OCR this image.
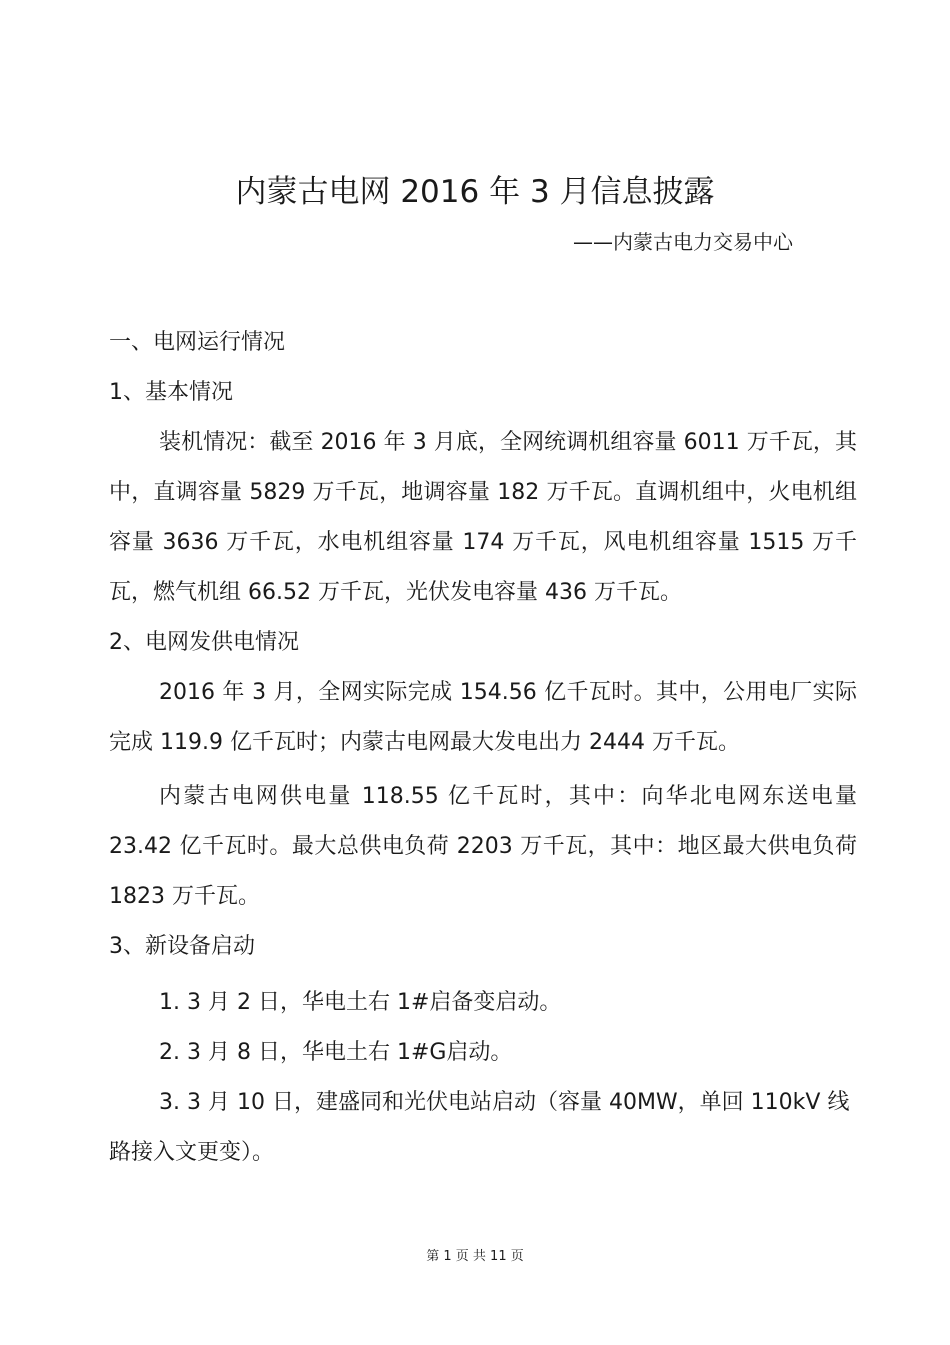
内蒙古电网 2016 年 3 月信息披露
——内蒙古电力交易中心

一、电网运行情况

1、基本情况

装机情况：截至 2016 年 3 月底，全网统调机组容量 6011 万千瓦，其中，直调容量 5829 万千瓦，地调容量 182 万千瓦。直调机组中，火电机组容量 3636 万千瓦，水电机组容量 174 万千瓦，风电机组容量 1515 万千瓦，燃气机组 66.52 万千瓦，光伏发电容量 436 万千瓦。

2、电网发供电情况

2016 年 3 月，全网实际完成 154.56 亿千瓦时。其中，公用电厂实际完成 119.9 亿千瓦时；内蒙古电网最大发电出力 2444 万千瓦。

内蒙古电网供电量 118.55 亿千瓦时，其中：向华北电网东送电量 23.42 亿千瓦时。最大总供电负荷 2203 万千瓦，其中：地区最大供电负荷 1823 万千瓦。

3、新设备启动

1. 3 月 2 日，华电土右 1#启备变启动。

2. 3 月 8 日，华电土右 1#G启动。

3. 3 月 10 日，建盛同和光伏电站启动（容量 40MW，单回 110kV 线路接入文更变）。

第 1 页 共 11 页
